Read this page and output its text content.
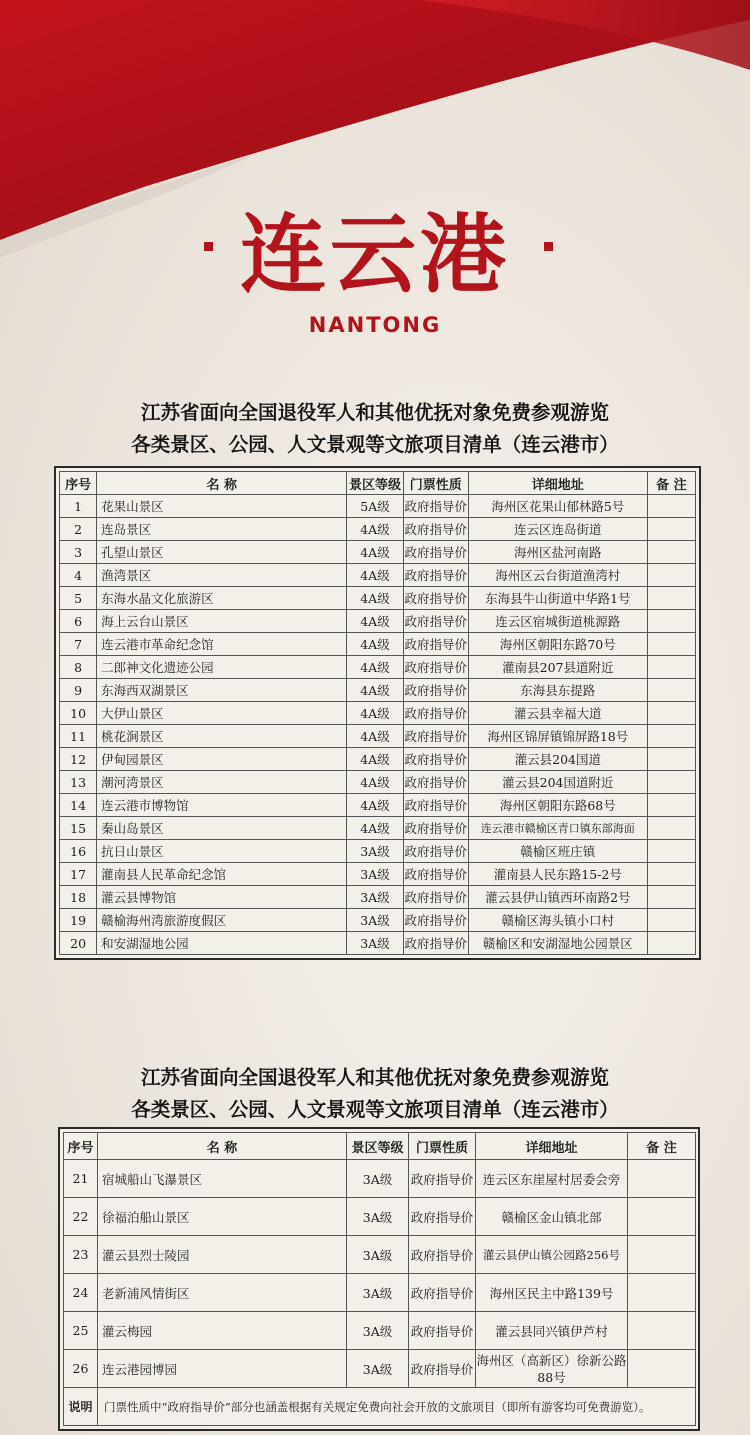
连云港
NANTONG
江苏省面向全国退役军人和其他优抚对象免费参观游览
各类景区、公园、人文景观等文旅项目清单（连云港市）
序号	名 称	景区等级	门票性质	详细地址	备 注
1	花果山景区	5A级	政府指导价	海州区花果山郁林路5号	
2	连岛景区	4A级	政府指导价	连云区连岛街道	
3	孔望山景区	4A级	政府指导价	海州区盐河南路	
4	渔湾景区	4A级	政府指导价	海州区云台街道渔湾村	
5	东海水晶文化旅游区	4A级	政府指导价	东海县牛山街道中华路1号	
6	海上云台山景区	4A级	政府指导价	连云区宿城街道桃源路	
7	连云港市革命纪念馆	4A级	政府指导价	海州区朝阳东路70号	
8	二郎神文化遗迹公园	4A级	政府指导价	灌南县207县道附近	
9	东海西双湖景区	4A级	政府指导价	东海县东提路	
10	大伊山景区	4A级	政府指导价	灌云县幸福大道	
11	桃花涧景区	4A级	政府指导价	海州区锦屏镇锦屏路18号	
12	伊甸园景区	4A级	政府指导价	灌云县204国道	
13	潮河湾景区	4A级	政府指导价	灌云县204国道附近	
14	连云港市博物馆	4A级	政府指导价	海州区朝阳东路68号	
15	秦山岛景区	4A级	政府指导价	连云港市赣榆区青口镇东部海面	
16	抗日山景区	3A级	政府指导价	赣榆区班庄镇	
17	灌南县人民革命纪念馆	3A级	政府指导价	灌南县人民东路15-2号	
18	灌云县博物馆	3A级	政府指导价	灌云县伊山镇西环南路2号	
19	赣榆海州湾旅游度假区	3A级	政府指导价	赣榆区海头镇小口村	
20	和安湖湿地公园	3A级	政府指导价	赣榆区和安湖湿地公园景区	
江苏省面向全国退役军人和其他优抚对象免费参观游览
各类景区、公园、人文景观等文旅项目清单（连云港市）
序号	名 称	景区等级	门票性质	详细地址	备 注
21	宿城船山飞瀑景区	3A级	政府指导价	连云区东崖屋村居委会旁	
22	徐福泊船山景区	3A级	政府指导价	赣榆区金山镇北部	
23	灌云县烈士陵园	3A级	政府指导价	灌云县伊山镇公园路256号	
24	老新浦风情街区	3A级	政府指导价	海州区民主中路139号	
25	灌云梅园	3A级	政府指导价	灌云县同兴镇伊芦村	
26	连云港园博园	3A级	政府指导价	海州区（高新区）徐新公路88号	
说明	门票性质中“政府指导价”部分也涵盖根据有关规定免费向社会开放的文旅项目（即所有游客均可免费游览）。				
